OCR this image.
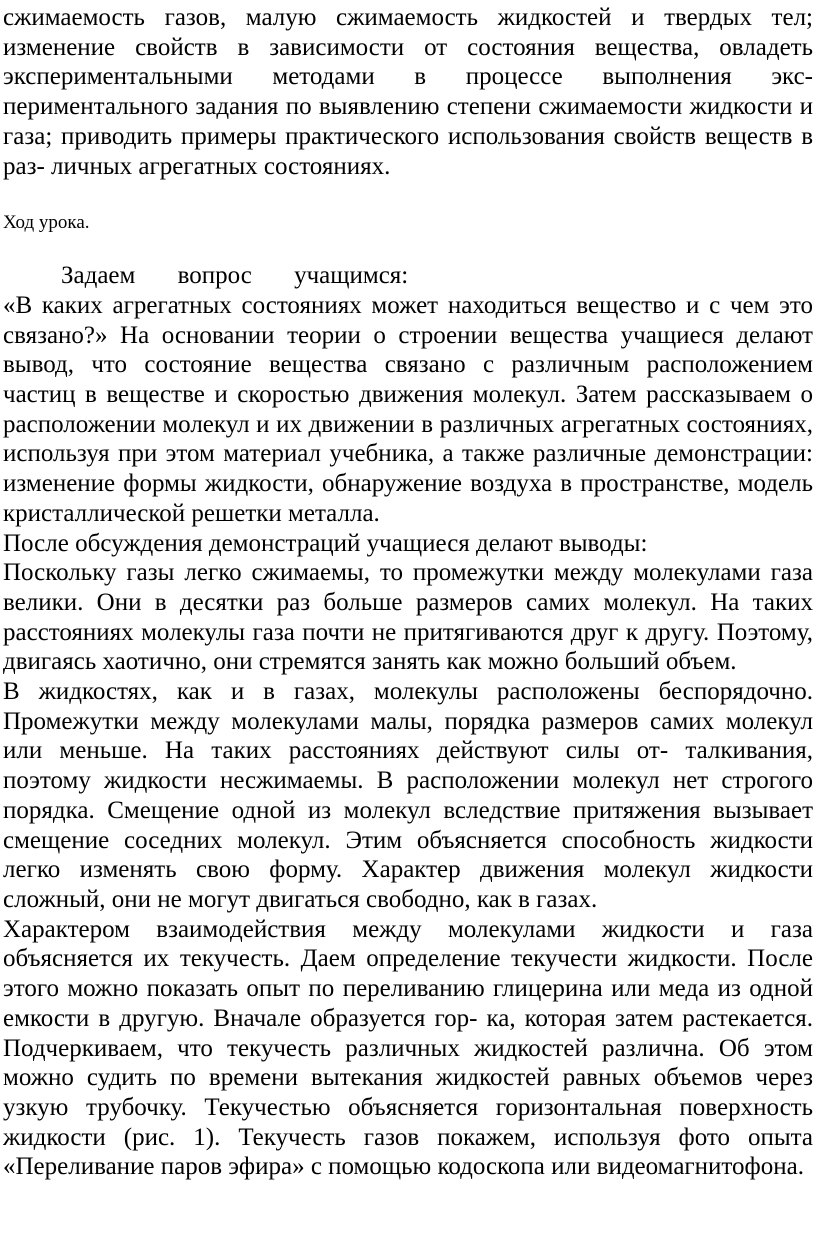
сжимаемость газов, малую сжимаемость жидкостей и твердых тел; изменение свойств в зависимости от состояния вещества, овладеть экспериментальными методами в процессе выполнения экс- периментального задания по выявлению степени сжимаемости жидкости и газа; приводить примеры практического использования свойств веществ в раз- личных агрегатных состояниях.

Ход урока.

Задаем вопрос учащимся:

«В каких агрегатных состояниях может находиться вещество и с чем это связано?» На основании теории о строении вещества учащиеся делают вывод, что состояние вещества связано с различным расположением частиц в веществе и скоростью движения молекул. Затем рассказываем о расположении молекул и их движении в различных агрегатных состояниях, используя при этом материал учебника, а также различные демонстрации: изменение формы жидкости, обнаружение воздуха в пространстве, модель кристаллической решетки металла.

После обсуждения демонстраций учащиеся делают выводы:

Поскольку газы легко сжимаемы, то промежутки между молекулами газа велики. Они в десятки раз больше размеров самих молекул. На таких расстояниях молекулы газа почти не притягиваются друг к другу. Поэтому, двигаясь хаотично, они стремятся занять как можно больший объем.

В жидкостях, как и в газах, молекулы расположены беспорядочно. Промежутки между молекулами малы, порядка размеров самих молекул или меньше. На таких расстояниях действуют силы от- талкивания, поэтому жидкости несжимаемы. В расположении молекул нет строгого порядка. Смещение одной из молекул вследствие притяжения вызывает смещение соседних молекул. Этим объясняется способность жидкости легко изменять свою форму. Характер движения молекул жидкости сложный, они не могут двигаться свободно, как в газах.

Характером взаимодействия между молекулами жидкости и газа объясняется их текучесть. Даем определение текучести жидкости. После этого можно показать опыт по переливанию глицерина или меда из одной емкости в другую. Вначале образуется гор- ка, которая затем растекается. Подчеркиваем, что текучесть различных жидкостей различна. Об этом можно судить по времени вытекания жидкостей равных объемов через узкую трубочку. Текучестью объясняется горизонтальная поверхность жидкости (рис. 1). Текучесть газов покажем, используя фото опыта «Переливание паров эфира» с помощью кодоскопа или видеомагнитофона.
